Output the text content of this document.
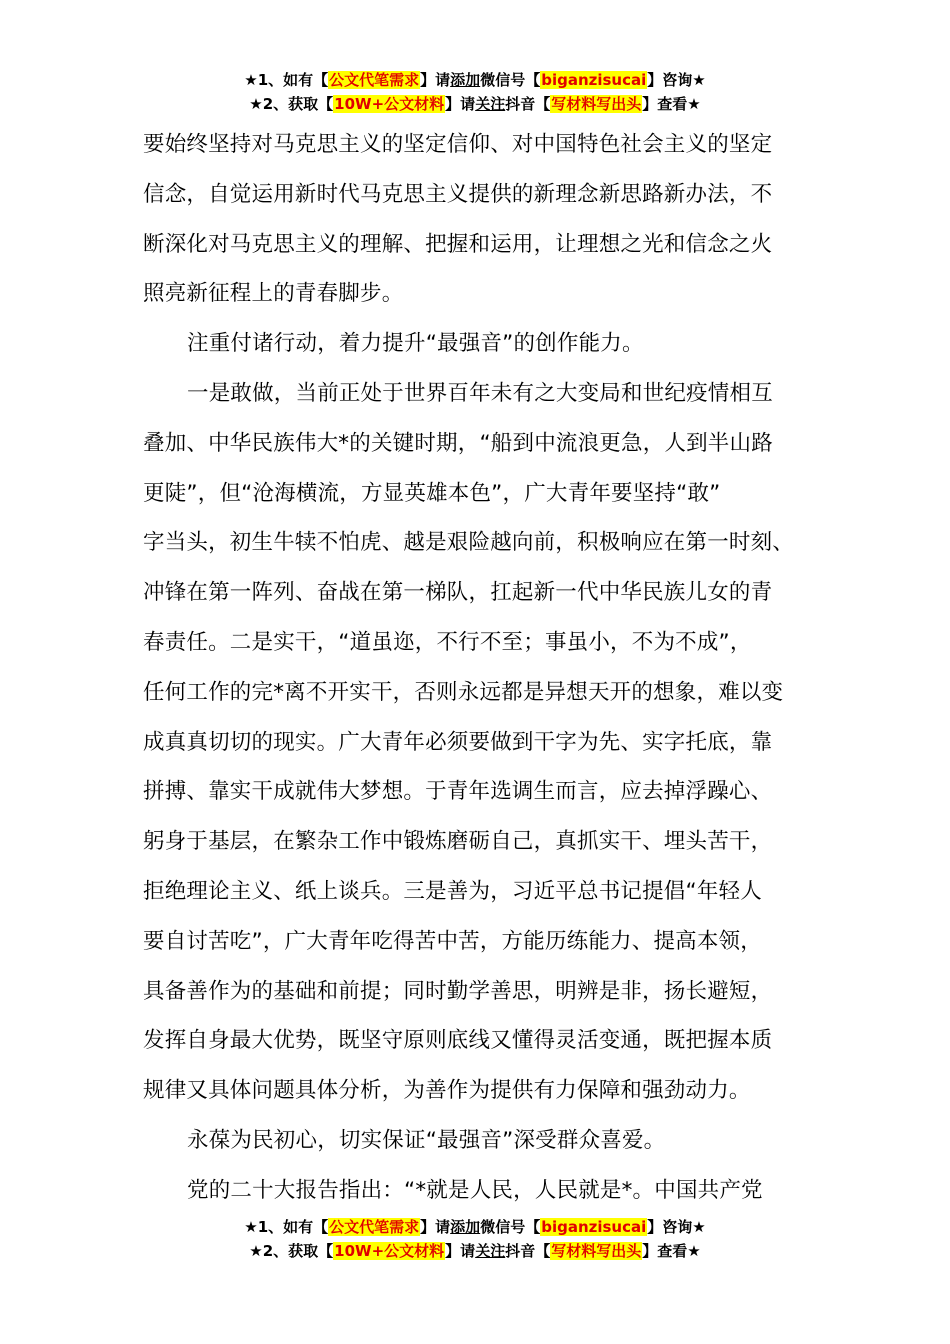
★1、如有【公文代笔需求】请添加微信号【biganzisucai】咨询★
★2、获取【10W+公文材料】请关注抖音【写材料写出头】查看★
要始终坚持对马克思主义的坚定信仰、对中国特色社会主义的坚定
信念，自觉运用新时代马克思主义提供的新理念新思路新办法，不
断深化对马克思主义的理解、把握和运用，让理想之光和信念之火
照亮新征程上的青春脚步。
注重付诸行动，着力提升“最强音”的创作能力。
一是敢做，当前正处于世界百年未有之大变局和世纪疫情相互
叠加、中华民族伟大*的关键时期，“船到中流浪更急，人到半山路
更陡”，但“沧海横流，方显英雄本色”，广大青年要坚持“敢”
字当头，初生牛犊不怕虎、越是艰险越向前，积极响应在第一时刻、
冲锋在第一阵列、奋战在第一梯队，扛起新一代中华民族儿女的青
春责任。二是实干，“道虽迩，不行不至；事虽小，不为不成”，
任何工作的完*离不开实干，否则永远都是异想天开的想象，难以变
成真真切切的现实。广大青年必须要做到干字为先、实字托底，靠
拼搏、靠实干成就伟大梦想。于青年选调生而言，应去掉浮躁心、
躬身于基层，在繁杂工作中锻炼磨砺自己，真抓实干、埋头苦干，
拒绝理论主义、纸上谈兵。三是善为，习近平总书记提倡“年轻人
要自讨苦吃”，广大青年吃得苦中苦，方能历练能力、提高本领，
具备善作为的基础和前提；同时勤学善思，明辨是非，扬长避短，
发挥自身最大优势，既坚守原则底线又懂得灵活变通，既把握本质
规律又具体问题具体分析，为善作为提供有力保障和强劲动力。
永葆为民初心，切实保证“最强音”深受群众喜爱。
党的二十大报告指出：“*就是人民，人民就是*。中国共产党
★1、如有【公文代笔需求】请添加微信号【biganzisucai】咨询★
★2、获取【10W+公文材料】请关注抖音【写材料写出头】查看★
